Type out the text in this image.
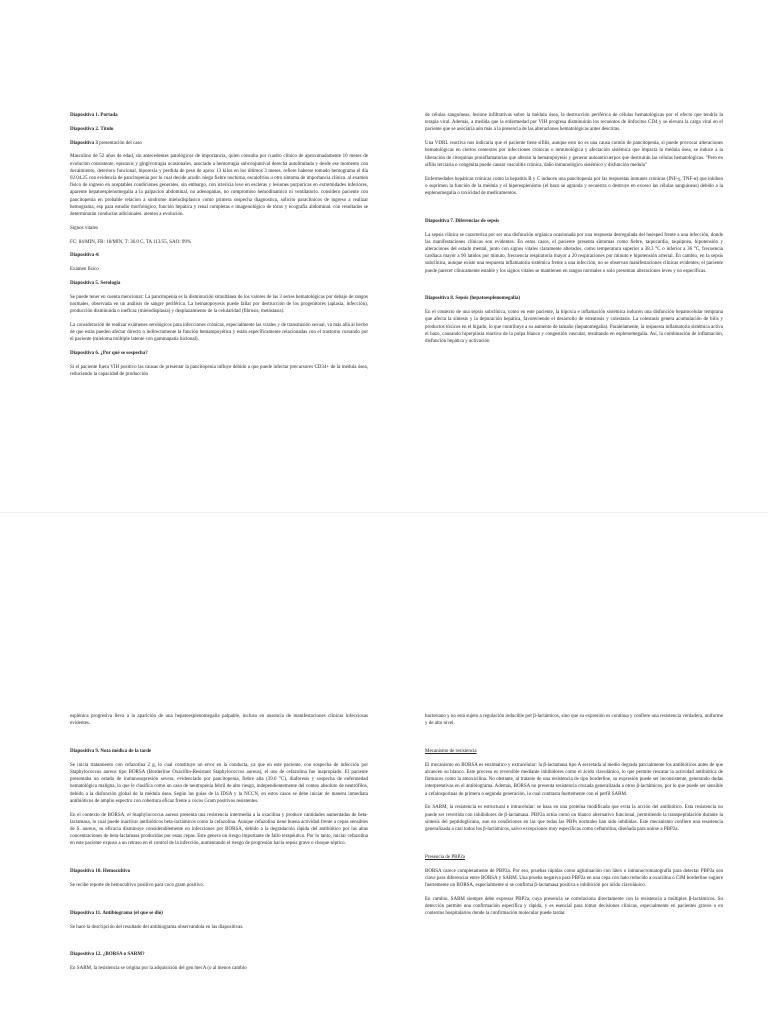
Diapositiva 1. Portada
Diapositiva 2. Título

Diapositiva 3 presentación del caso

Masculino de 52 años de edad, sin antecedentes patológicos de importancia, quien consulta por cuadro clínico de aproximadamente 10 meses de evolución consistente, epistaxis y gingivorragia ocasionales, asociado a hemorragia subconjuntival derecha autolimitada y desde ese momento con decaimiento, deterioro funcional, hiporexia y perdida de peso de aprox 13 kilos en los últimos 3 meses. refiere haberse tomado hemograma el día 02.04.25 con evidencia de pancitopenia por lo cual decide acudir. niega fiebre nocturna, escalofríos u otro síntoma de importancia clínica. al examen físico de ingreso en aceptables condiciones generales, sin embargo, con ictericia leve en escleras y lesiones purpuricas en extremidades inferiores, aparente hepatoesplenomegalia a la palpacion abdominal, no adenopatias, no compromiso hemodinamico ni ventilatorio. considero paciente con pancitopenia en probable relacion a sindrome mielodisplasico como primera sospecha diagnostica, solicito paraclinicos de ingreso a realizar hemograma, esp para estudio morfológico, función hepática y renal completas e imagenológico de tórax y ecografía abdominal. con resultados se determinarán conductas adicionales. atentos a evolución.

Signos vitales

FC: 84/MIN, FR: 18/MIN, T: 36.0 C, TA 113/55, SAO: 99%

Diapositiva 4:

Exámen físico

Diapositiva 5. Serología

Se puede tener en cuenta mencionar: La pancitopenia es la disminución simultánea de los valores de las 3 series hematológicas por debajo de rangos normales, observada en un análisis de sangre periférica. La hematopoyesis puede fallar por destrucción de los progenitores (aplasia, infección), producción disminuida o ineficaz (mielodisplasia) y desplazamiento de la celularidad (fibrosis, metástasis).

La consideración de realizar exámenes serológicos para infecciones crónicas, especialmente las virales y de transmisión sexual, va más allá al hecho de que estás pueden afectar directo o indirectamente la función hematopoyética y están específicamente relacionadas con el trastorno cursando por el paciente (mieloma múltiple latente con gammapatía biclonal).

Diapositiva 6. ¿Por qué se sospecha?

Si el paciente fuera VIH positivo las causas de presentar la pancitopenia influye debido a que puede infectar precursores CD34+ de la médula ósea, reduciendo la capacidad de producción

de células sanguíneas, lesione infiltrativas sobre la médula ósea, la destrucción periférica de células hematológicas por el efecto que tendría la terapia viral. Además, a medida que la enfermedad por VIH progresa disminuirán los recuentos de linfocitos CD4 y se elevara la carga viral en el paciente que se asociaría aún más a la presencia de las alteraciones hematológicas antes descritas.

Una VDRL reactiva nos indicaría que el paciente tiene sífilis, aunque esto no es una causa común de pancitopenia, si puede provocar alteraciones hematológicas en ciertos contextos por infecciones crónicas o inmunológica y afectación sistémica que impacta la médula ósea, se induce a la liberación de citoquinas proinflamatorias que alteran la hematopoyesis y generar autoanticuerpos que destruirán las células hematológicas. "Pero en sífilis terciaria o congénita puede causar vasculitis crónica, daño inmunológico sistémico y disfunción medula"

Enfermedades hepáticas crónicas como la hepatitis B y C inducen una pancitopenia por las respuestas inmunes crónicas (INF-γ, TNF-α) que inhiben o suprimen la función de la médula y el hiperesplenismo (el bazo se agranda y secuestra o destruye en exceso las células sanguíneas) debido a la esplenomegalia o toxicidad de medicamentos.

Diapositiva 7. Diferencias de sepsis

La sepsis clínica se caracteriza por ser una disfunción orgánica ocasionada por una respuesta desregulada del huésped frente a una infección, donde las manifestaciones clínicas son evidentes. En estos casos, el paciente presenta síntomas como fiebre, taquicardia, taquipnea, hipotensión y alteraciones del estado mental, junto con signos vitales claramente alterados, como temperatura superior a 38.3 °C o inferior a 36 °C, frecuencia cardiaca mayor a 90 latidos por minuto, frecuencia respiratoria mayor a 20 respiraciones por minuto e hipotensión arterial. En cambio, en la sepsis subclínica, aunque existe una respuesta inflamatoria sistémica frente a una infección, no se observan manifestaciones clínicas evidentes; el paciente puede parecer clínicamente estable y los signos vitales se mantienen en rangos normales o solo presentan alteraciones leves y no específicas.

Diapositiva 8. Sepsis (hepatoesplenomegalia)

En el contexto de una sepsis subclínica, como en este paciente, la hipoxia e inflamación sistémica inducen una disfunción hepatocelular temprana que afecta la síntesis y la depuración hepática, favoreciendo el desarrollo de esteatosis y colestasis. La colestasis genera acumulación de bilis y productos tóxicos en el hígado, lo que contribuye a su aumento de tamaño (hepatomegalia). Paralelamente, la respuesta inflamatoria sistémica activa el bazo, causando hiperplasia reactiva de la pulpa blanca y congestión vascular, resultando en esplenomegalia. Así, la combinación de inflamación, disfunción hepática y activación

esplénica progresiva lleva a la aparición de una hepatoesplenomegalia palpable, incluso en ausencia de manifestaciones clínicas infecciosas evidentes.

Diapositiva 9. Nota médica de la tarde

Se inicia tratamiento con cefazolina 2 g, lo cual constituye un error en la conducta, ya que en este paciente, con sospecha de infección por Staphylococcus aureus tipo BORSA (Borderline Oxacillin-Resistant Staphylococcus aureus), el uso de cefazolina fue inapropiado. El paciente presentaba un estado de inmunosupresión severa, evidenciado por pancitopenia, fiebre alta (39.6 °C), diaforesis y sospecha de enfermedad hematológica maligna, lo que le clasifica como un caso de neutropenia febril de alto riesgo, independientemente del conteo absoluto de neutrófilos, debido a la disfunción global de la médula ósea. Según las guías de la IDSA y la NCCN, en estos casos se debe iniciar de manera inmediata antibióticos de amplio espectro con cobertura eficaz frente a cocos Gram positivos resistentes.

En el contexto de BORSA, el Staphylococcus aureus presenta una resistencia intermedia a la oxacilina y produce cantidades aumentadas de beta-lactamasa, lo cual puede inactivar antibióticos beta-lactámicos como la cefazolina. Aunque cefazolina tiene buena actividad frente a cepas sensibles de S. aureus, su eficacia disminuye considerablemente en infecciones por BORSA, debido a la degradación rápida del antibiótico por las altas concentraciones de beta-lactamasa producidas por estas cepas. Este genera un riesgo importante de fallo terapéutico. Por lo tanto, iniciar cefazolina en este paciente expuso a un retraso en el control de la infección, aumentando el riesgo de progresión hacia sepsis grave o choque séptico.

Diapositiva 10. Hemocultivo

Se recibe reporte de hemocultivo positivo para coco gram positivo.

Diapositiva 11. Antibiograma (el que se dió)

Se hace la descripción del resultado del antibiograma observandola en las diapositivas.

Diapositiva 12. ¿BORSA o SARM?

En SARM, la resistencia se origina por la adquisición del gen mecA (o al menos cambio

bacteriano y no está sujeto a regulación inducible por β-lactámicos, sino que su expresión es continua y confiere una resistencia verdadera, uniforme y de alto nivel.

Mecanismo de resistencia

El mecanismo en BORSA es enzimático y extracelular: la β-lactamasa tipo A secretada al medio degrada parcialmente los antibióticos antes de que alcancen su blanco. Este proceso es reversible mediante inhibidores como el ácido clavulánico, lo que permite rescatar la actividad antibiótica de fármacos como la amoxicilina. No obstante, al tratarse de una resistencia de tipo borderline, su expresión puede ser inconsistente, generando dudas interpretativas en el antibiograma. Además, BORSA no presenta resistencia cruzada generalizada a otros β-lactámicos, por lo que puede ser sensible a cefalosporinas de primera o segunda generación, lo cual contrasta fuertemente con el perfil SARM.

En SARM, la resistencia es estructural e intracelular: se basa en una proteína modificada que evita la acción del antibiótico. Esta resistencia no puede ser revertida con inhibidores de β-lactamasa. PBP2a actúa como un blanco alternativo funcional, permitiendo la transpeptidación durante la síntesis del peptidoglicano, aun en condiciones en las que todas las PBPs normales han sido inhibidas. Este mecanismo confiere una resistencia generalizada a casi todos los β-lactámicos, salvo excepciones muy específicas como ceftarolina, diseñada para unirse a PBP2a.

Presencia de PBP2a

BORSA carece completamente de PBP2a. Por eso, pruebas rápidas como aglutinación con látex o inmunocromatografía para detectar PBP2a son clave para diferenciar entre BORSA y SARM. Una prueba negativa para PBP2a en una cepa con halo reducido a oxacilina o CIM borderline sugiere fuertemente un BORSA, especialmente si se confirma β-lactamasa positiva e inhibición por ácido clavulánico.

En cambio, SARM siempre debe expresar PBP2a, cuya presencia se correlaciona directamente con la resistencia a múltiples β-lactámicos. Su detección permite una confirmación específica y rápida, y es esencial para tomar decisiones clínicas, especialmente en pacientes graves o en contextos hospitalarios donde la confirmación molecular puede tardar.
